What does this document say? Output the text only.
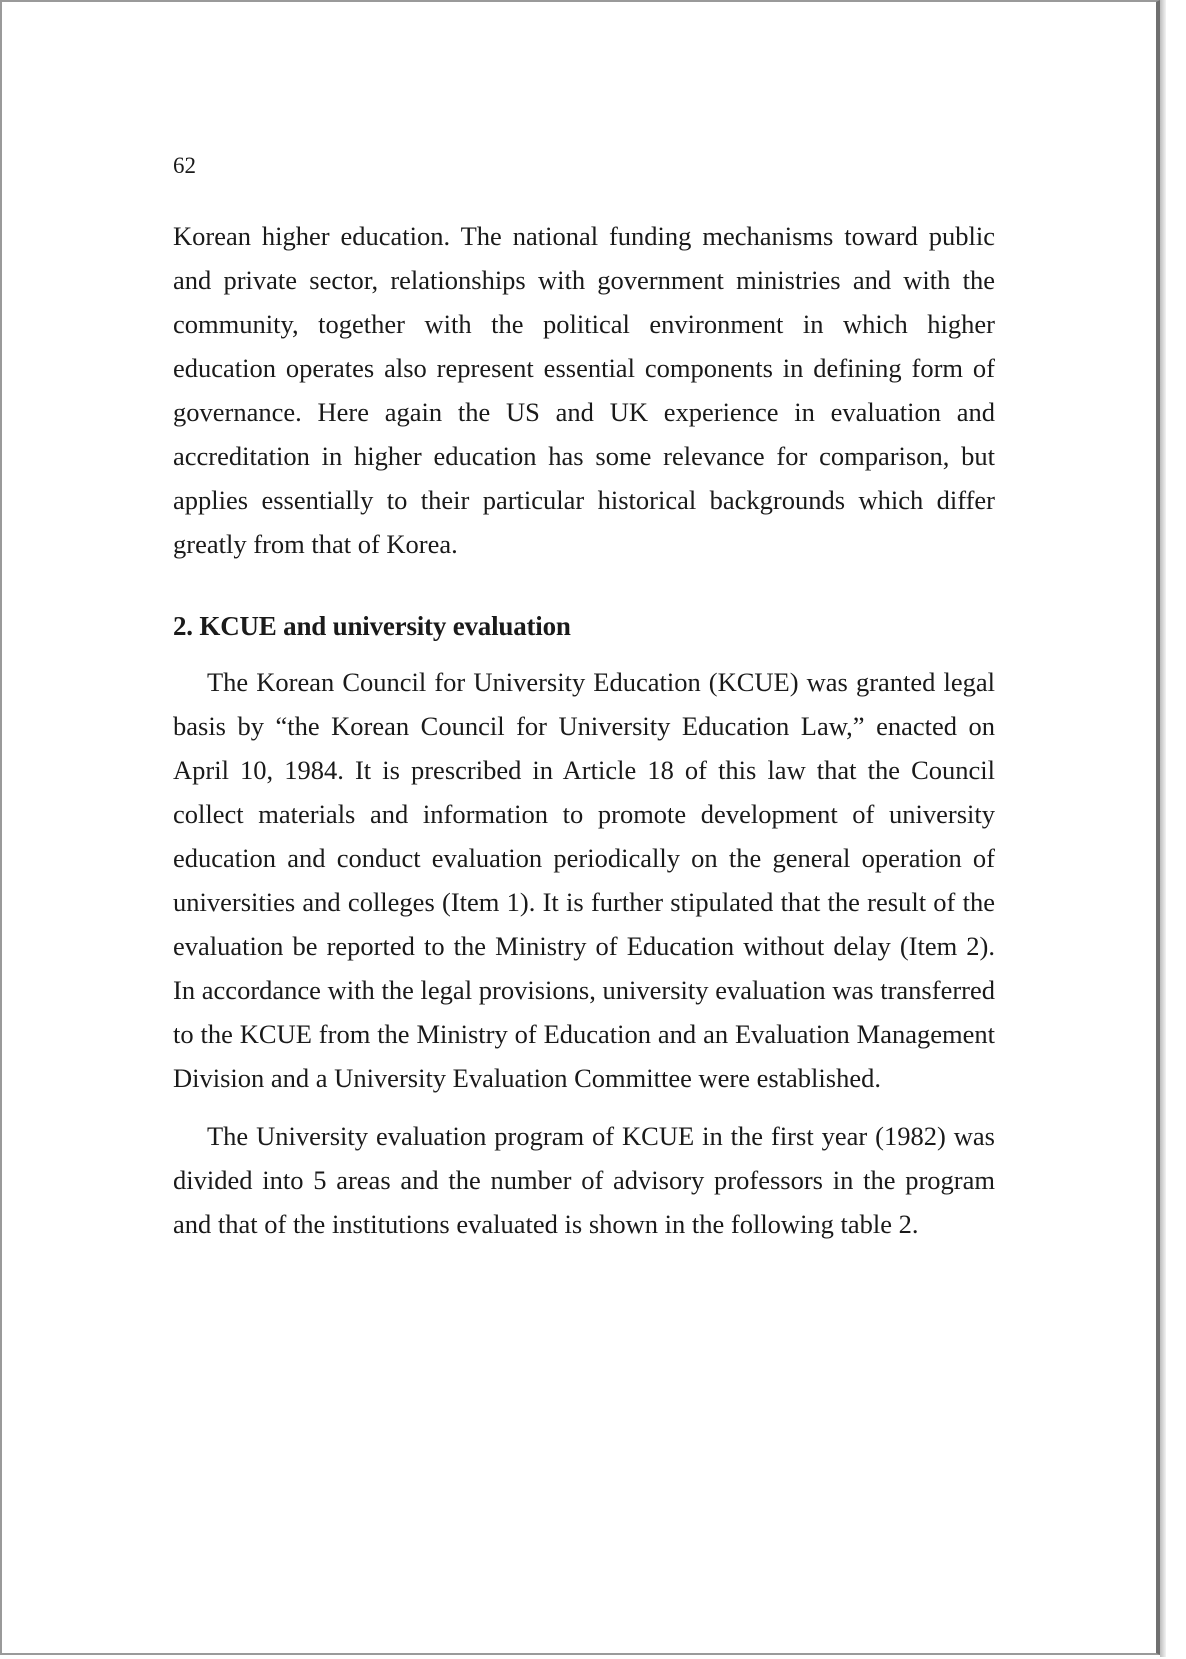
62

Korean higher education. The national funding mechanisms toward public and private sector, relationships with government ministries and with the community, together with the political environment in which higher education operates also represent essential components in defining form of governance. Here again the US and UK experience in evaluation and accreditation in higher education has some relevance for comparison, but applies essentially to their particular historical backgrounds which differ greatly from that of Korea.

2. KCUE and university evaluation

The Korean Council for University Education (KCUE) was granted legal basis by “the Korean Council for University Education Law,” enacted on April 10, 1984. It is prescribed in Article 18 of this law that the Council collect materials and information to promote development of university education and conduct evaluation periodically on the general operation of universities and colleges (Item 1). It is further stipulated that the result of the evaluation be reported to the Ministry of Education without delay (Item 2). In accordance with the legal provisions, university evaluation was transferred to the KCUE from the Ministry of Education and an Evaluation Management Division and a University Evaluation Committee were established.

The University evaluation program of KCUE in the first year (1982) was divided into 5 areas and the number of advisory professors in the program and that of the institutions evaluated is shown in the following table 2.
